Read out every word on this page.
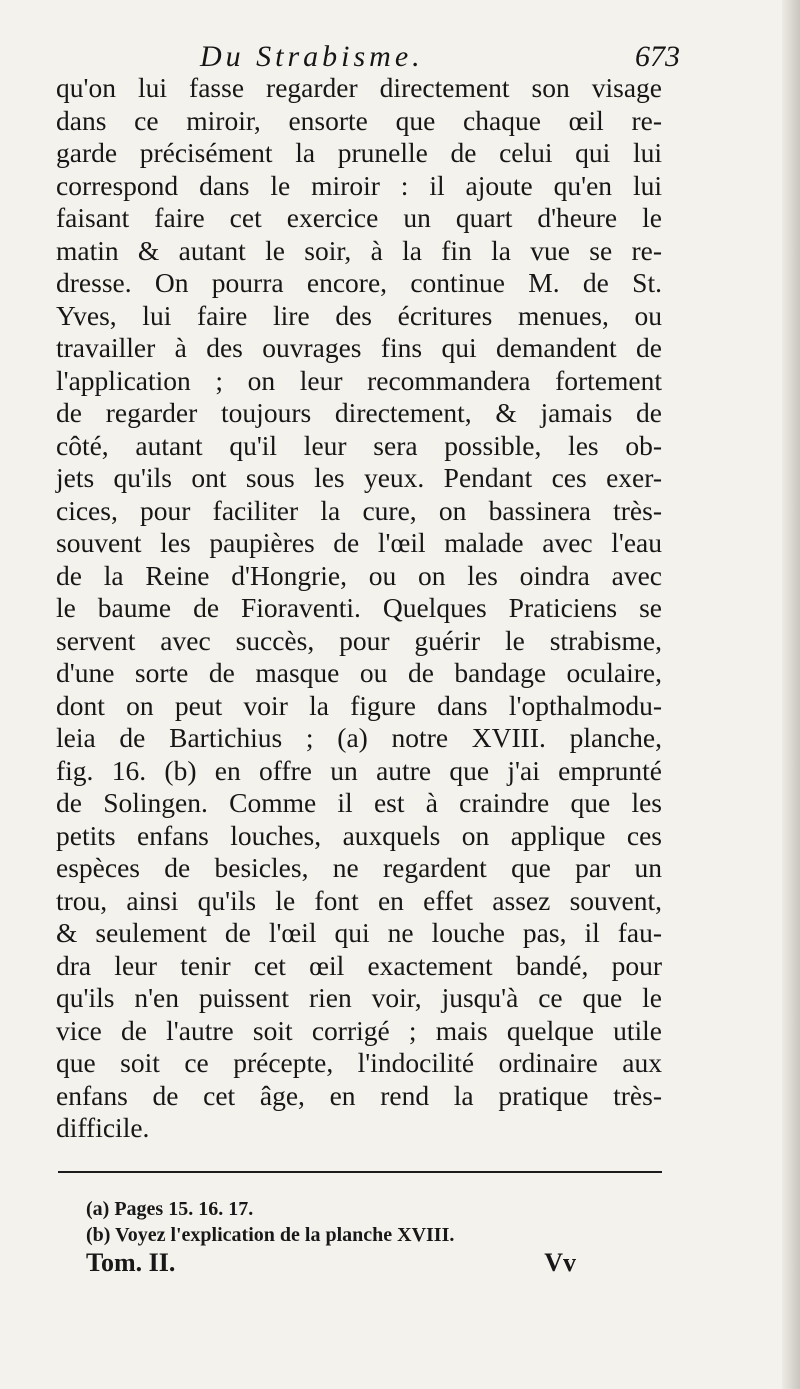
Du Strabisme.	673
qu'on lui fasse regarder directement son visage
dans ce miroir, ensorte que chaque œil re-
garde précisément la prunelle de celui qui lui
correspond dans le miroir : il ajoute qu'en lui
faisant faire cet exercice un quart d'heure le
matin & autant le soir, à la fin la vue se re-
dresse. On pourra encore, continue M. de St.
Yves, lui faire lire des écritures menues, ou
travailler à des ouvrages fins qui demandent de
l'application ; on leur recommandera fortement
de regarder toujours directement, & jamais de
côté, autant qu'il leur sera possible, les ob-
jets qu'ils ont sous les yeux. Pendant ces exer-
cices, pour faciliter la cure, on bassinera très-
souvent les paupières de l'œil malade avec l'eau
de la Reine d'Hongrie, ou on les oindra avec
le baume de Fioraventi. Quelques Praticiens se
servent avec succès, pour guérir le strabisme,
d'une sorte de masque ou de bandage oculaire,
dont on peut voir la figure dans l'opthalmodu-
leia de Bartichius ; (a) notre XVIII. planche,
fig. 16. (b) en offre un autre que j'ai emprunté
de Solingen. Comme il est à craindre que les
petits enfans louches, auxquels on applique ces
espèces de besicles, ne regardent que par un
trou, ainsi qu'ils le font en effet assez souvent,
& seulement de l'œil qui ne louche pas, il fau-
dra leur tenir cet œil exactement bandé, pour
qu'ils n'en puissent rien voir, jusqu'à ce que le
vice de l'autre soit corrigé ; mais quelque utile
que soit ce précepte, l'indocilité ordinaire aux
enfans de cet âge, en rend la pratique très-
difficile.
(a) Pages 15. 16. 17.
(b) Voyez l'explication de la planche XVIII.
Tom. II.	Vv
